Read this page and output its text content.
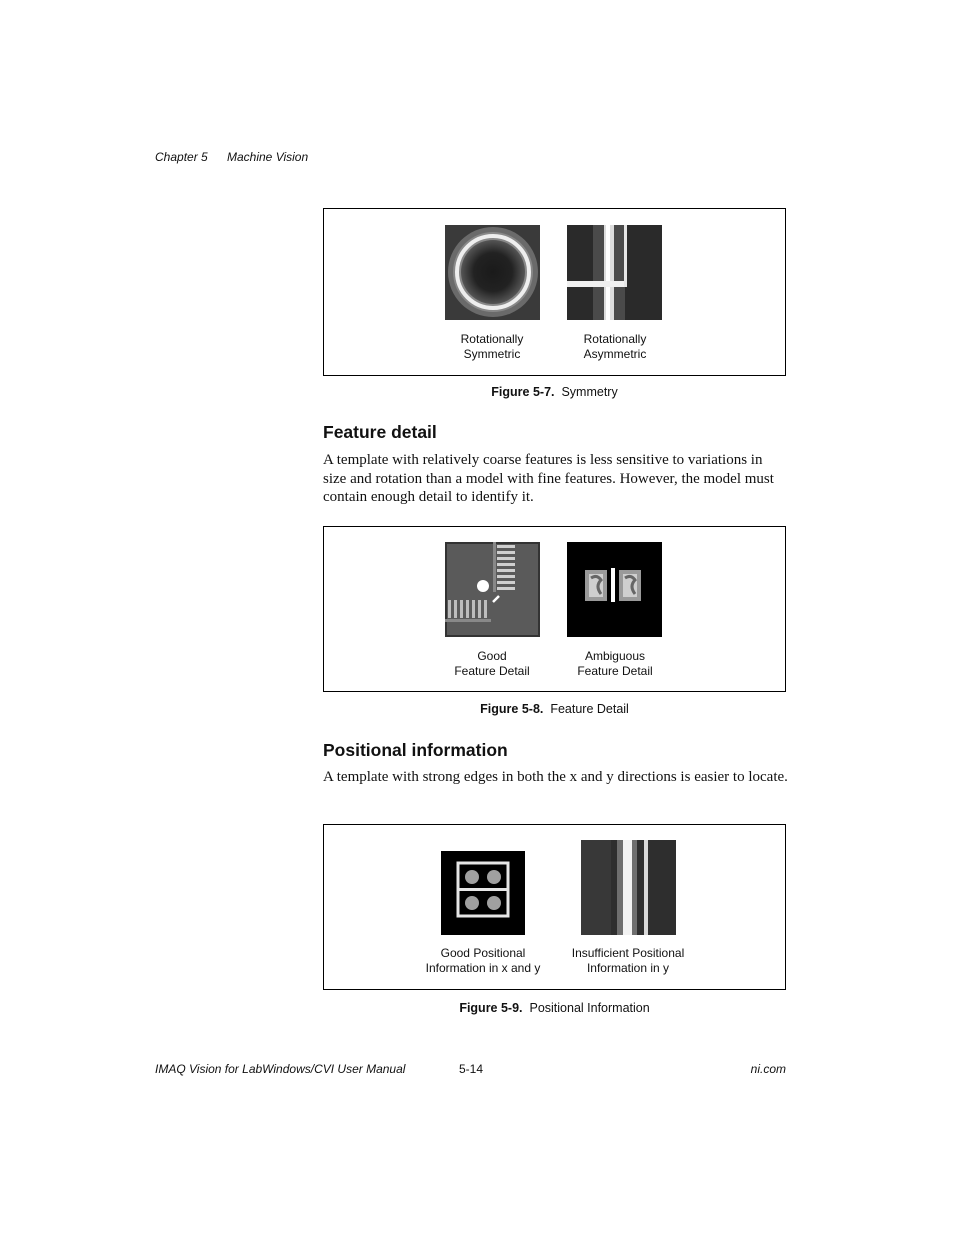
Chapter 5 Machine Vision
Rotationally
Symmetric
Rotationally
Asymmetric
Figure 5-7. Symmetry
Feature detail
A template with relatively coarse features is less sensitive to variations in size and rotation than a model with fine features. However, the model must contain enough detail to identify it.
Good
Feature Detail
Ambiguous
Feature Detail
Figure 5-8. Feature Detail
Positional information
A template with strong edges in both the x and y directions is easier to locate.
Good Positional
Information in x and y
Insufficient Positional
Information in y
Figure 5-9. Positional Information
IMAQ Vision for LabWindows/CVI User Manual	5-14	ni.com
